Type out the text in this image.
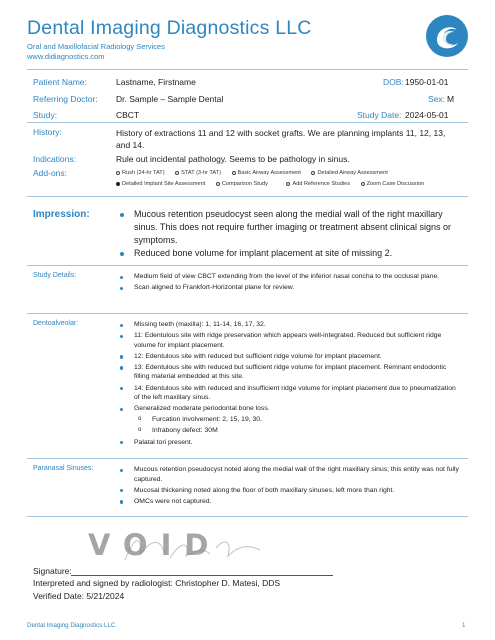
Dental Imaging Diagnostics LLC
Oral and Maxillofacial Radiology Services
www.didiagnostics.com
Patient Name:	Lastname, Firstname	DOB: 1950-01-01
Referring Doctor: Dr. Sample – Sample Dental	Sex: M
Study:	CBCT	Study Date: 2024-05-01
History:	History of extractions 11 and 12 with socket grafts. We are planning implants 11, 12, 13, and 14.
Indications:	Rule out incidental pathology. Seems to be pathology in sinus.
Add-ons:	Rush (24-hr TAT)	STAT (3-hr TAT)	Basic Airway Assessment	Detailed Airway Assessment
Detailed Implant Site Assessment	Comparison Study	Add Reference Studies	Zoom Case Discussion
Impression:	Mucous retention pseudocyst seen along the medial wall of the right maxillary sinus. This does not require further imaging or treatment absent clinical signs or symptoms.
Reduced bone volume for implant placement at site of missing 2.
Study Details:	Medium field of view CBCT extending from the level of the inferior nasal concha to the occlusal plane.
Scan aligned to Frankfort-Horizontal plane for review.
Dentoalveolar:	Missing teeth (maxilla): 1, 11-14, 16, 17, 32.
11: Edentulous site with ridge preservation which appears well-integrated. Reduced but sufficient ridge volume for implant placement.
12: Edentulous site with reduced but sufficient ridge volume for implant placement.
13: Edentulous site with reduced but sufficient ridge volume for implant placement. Remnant endodontic filling material embedded at this site.
14: Edentulous site with reduced and insufficient ridge volume for implant placement due to pneumatization of the left maxillary sinus.
Generalized moderate periodontal bone loss.
o Furcation involvement: 2, 15, 19, 30.
o Infrabony defect: 30M
Palatal tori present.
Paranasal Sinuses:	Mucous retention pseudocyst noted along the medial wall of the right maxillary sinus; this entity was not fully captured.
Mucosal thickening noted along the floor of both maxillary sinuses, left more than right.
OMCs were not captured.
VOID
Signature:
Interpreted and signed by radiologist: Christopher D. Matesi, DDS
Verified Date: 5/21/2024
Dental Imaging Diagnostics LLC	1
